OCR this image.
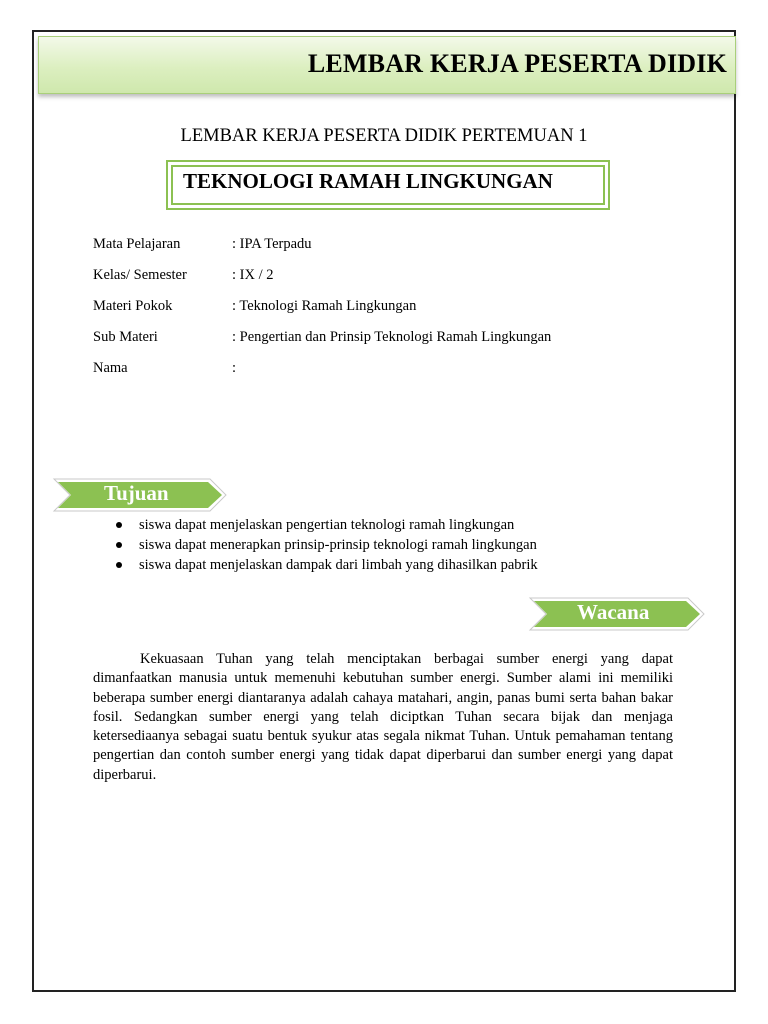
LEMBAR KERJA PESERTA DIDIK
LEMBAR KERJA PESERTA DIDIK PERTEMUAN 1
TEKNOLOGI RAMAH LINGKUNGAN
Mata Pelajaran	: IPA Terpadu
Kelas/ Semester	: IX / 2
Materi Pokok	: Teknologi Ramah Lingkungan
Sub Materi	: Pengertian dan Prinsip Teknologi Ramah Lingkungan
Nama	:
Tujuan
siswa dapat menjelaskan pengertian teknologi ramah lingkungan
siswa dapat menerapkan prinsip-prinsip teknologi ramah lingkungan
siswa dapat menjelaskan dampak dari limbah yang dihasilkan pabrik
Wacana

Kekuasaan Tuhan yang telah menciptakan berbagai sumber energi yang dapat dimanfaatkan manusia untuk memenuhi kebutuhan sumber energi. Sumber alami ini memiliki beberapa sumber energi diantaranya adalah cahaya matahari, angin, panas bumi serta bahan bakar fosil. Sedangkan sumber energi yang telah diciptkan Tuhan secara bijak dan menjaga ketersediaanya sebagai suatu bentuk syukur atas segala nikmat Tuhan. Untuk pemahaman tentang pengertian dan contoh sumber energi yang tidak dapat diperbarui dan sumber energi yang dapat diperbarui.
